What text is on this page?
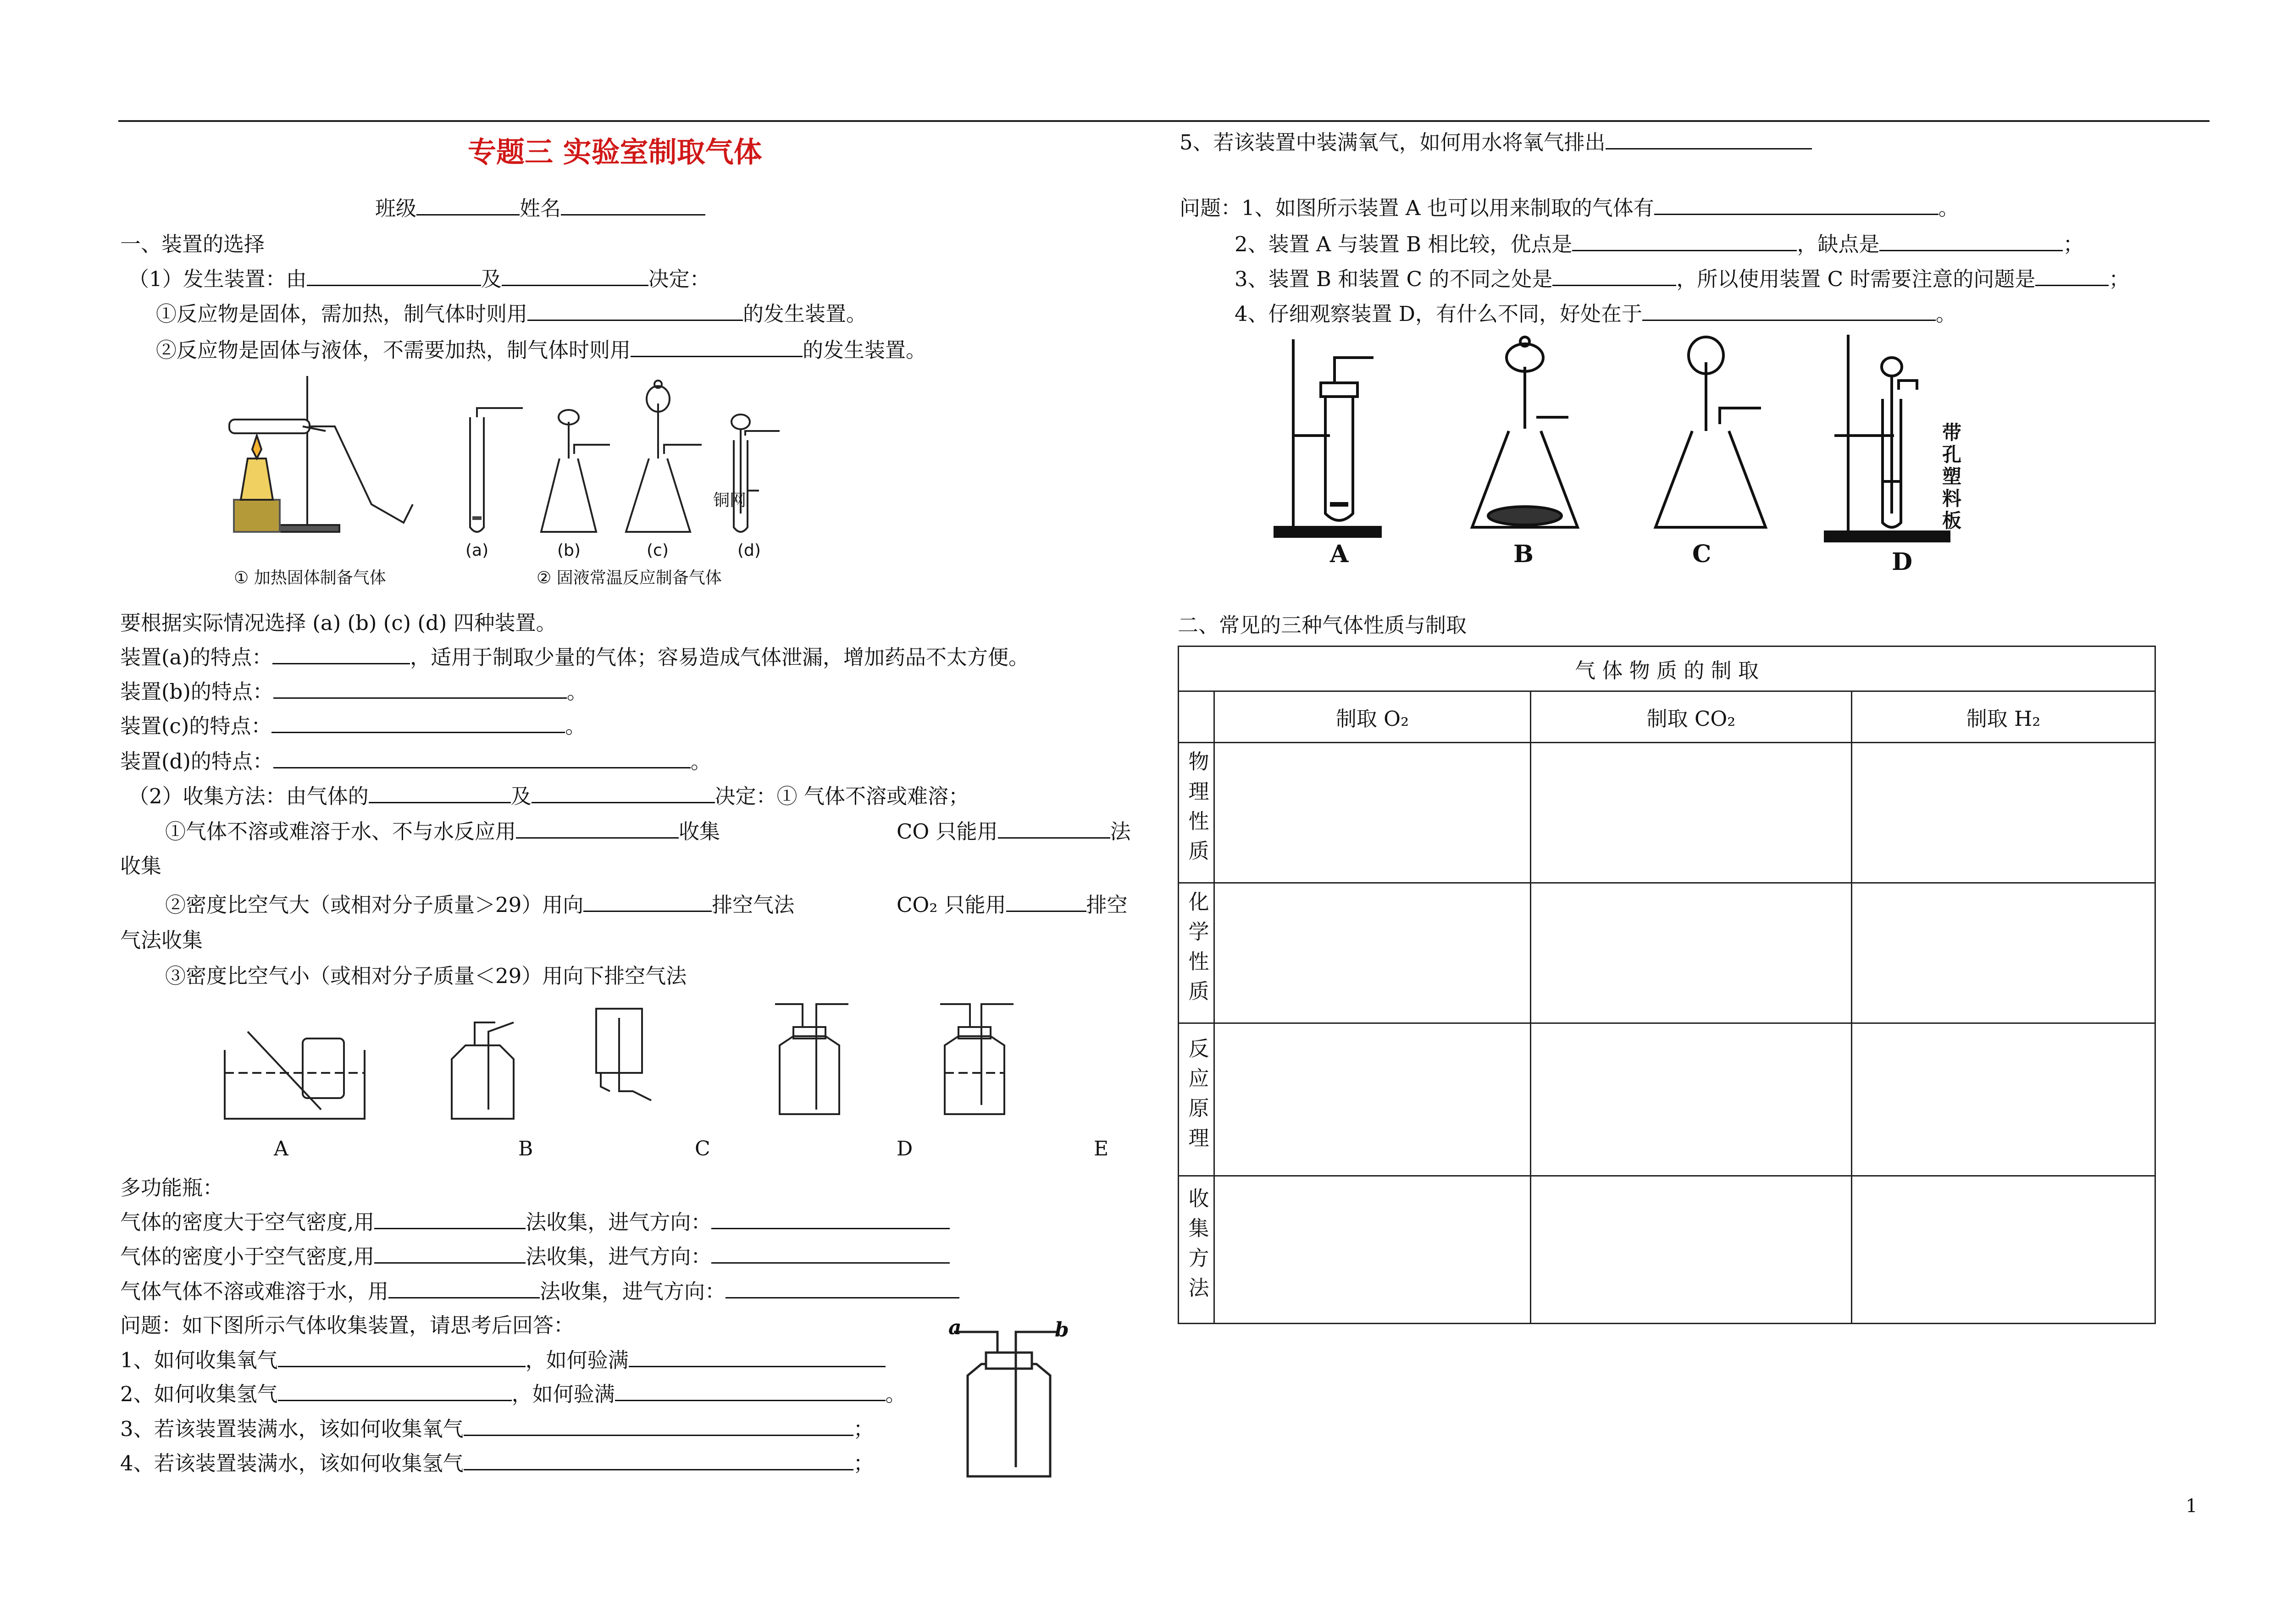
专题三 实验室制取气体
班级	姓名
一、装置的选择
（1）发生装置：由	及	决定：
①反应物是固体，需加热，制气体时则用	的发生装置。
②反应物是固体与液体，不需要加热，制气体时则用	的发生装置。
铜网
(a)	(b)	(c)	(d)
① 加热固体制备气体	② 固液常温反应制备气体
要根据实际情况选择 (a) (b) (c) (d) 四种装置。
装置(a)的特点：	，适用于制取少量的气体；容易造成气体泄漏，增加药品不太方便。
装置(b)的特点：	。
装置(c)的特点：	。
装置(d)的特点：	。
（2）收集方法：由气体的	及	决定：① 气体不溶或难溶；
①气体不溶或难溶于水、不与水反应用	收集	CO 只能用	法
收集
②密度比空气大（或相对分子质量＞29）用向	排空气法	CO₂ 只能用	排空
气法收集
③密度比空气小（或相对分子质量＜29）用向下排空气法
A	B	C	D	E
多功能瓶：
气体的密度大于空气密度,用	法收集，进气方向：
气体的密度小于空气密度,用	法收集，进气方向：
气体气体不溶或难溶于水，用	法收集，进气方向：
问题：如下图所示气体收集装置，请思考后回答：
1、如何收集氧气	，如何验满
2、如何收集氢气	，如何验满	。
3、若该装置装满水，该如何收集氧气	；
4、若该装置装满水，该如何收集氢气	；
a	b
5、若该装置中装满氧气，如何用水将氧气排出
问题：1、如图所示装置 A 也可以用来制取的气体有	。
2、装置 A 与装置 B 相比较，优点是	，缺点是	；
3、装置 B 和装置 C 的不同之处是	，所以使用装置 C 时需要注意的问题是	；
4、仔细观察装置 D，有什么不同，好处在于	。
A	B	C	D
带孔塑料板
二、常见的三种气体性质与制取
气 体 物 质 的 制 取			
	制取 O₂	制取 CO₂	制取 H₂
物理性质			
化学性质			
反应原理			
收集方法			
1
